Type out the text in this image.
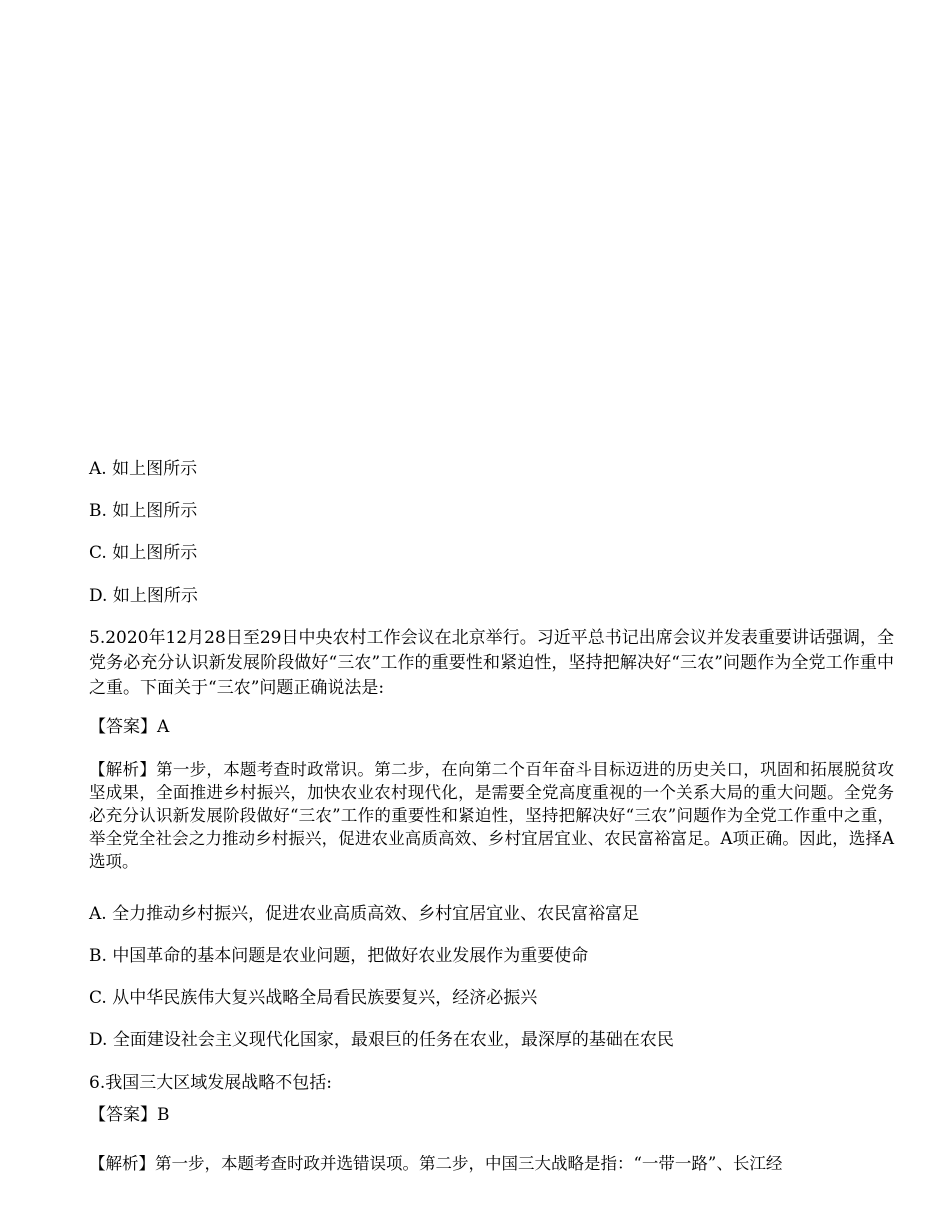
A. 如上图所示
B. 如上图所示
C. 如上图所示
D. 如上图所示
5.2020年12月28日至29日中央农村工作会议在北京举行。习近平总书记出席会议并发表重要讲话强调，全党务必充分认识新发展阶段做好“三农”工作的重要性和紧迫性，坚持把解决好“三农”问题作为全党工作重中之重。下面关于“三农”问题正确说法是:
【答案】A
【解析】第一步，本题考查时政常识。第二步，在向第二个百年奋斗目标迈进的历史关口，巩固和拓展脱贫攻坚成果，全面推进乡村振兴，加快农业农村现代化，是需要全党高度重视的一个关系大局的重大问题。全党务必充分认识新发展阶段做好“三农”工作的重要性和紧迫性，坚持把解决好“三农”问题作为全党工作重中之重，举全党全社会之力推动乡村振兴，促进农业高质高效、乡村宜居宜业、农民富裕富足。A项正确。因此，选择A选项。
A. 全力推动乡村振兴，促进农业高质高效、乡村宜居宜业、农民富裕富足
B. 中国革命的基本问题是农业问题，把做好农业发展作为重要使命
C. 从中华民族伟大复兴战略全局看民族要复兴，经济必振兴
D. 全面建设社会主义现代化国家，最艰巨的任务在农业，最深厚的基础在农民
6.我国三大区域发展战略不包括:
【答案】B
【解析】第一步，本题考查时政并选错误项。第二步，中国三大战略是指：“一带一路”、长江经
